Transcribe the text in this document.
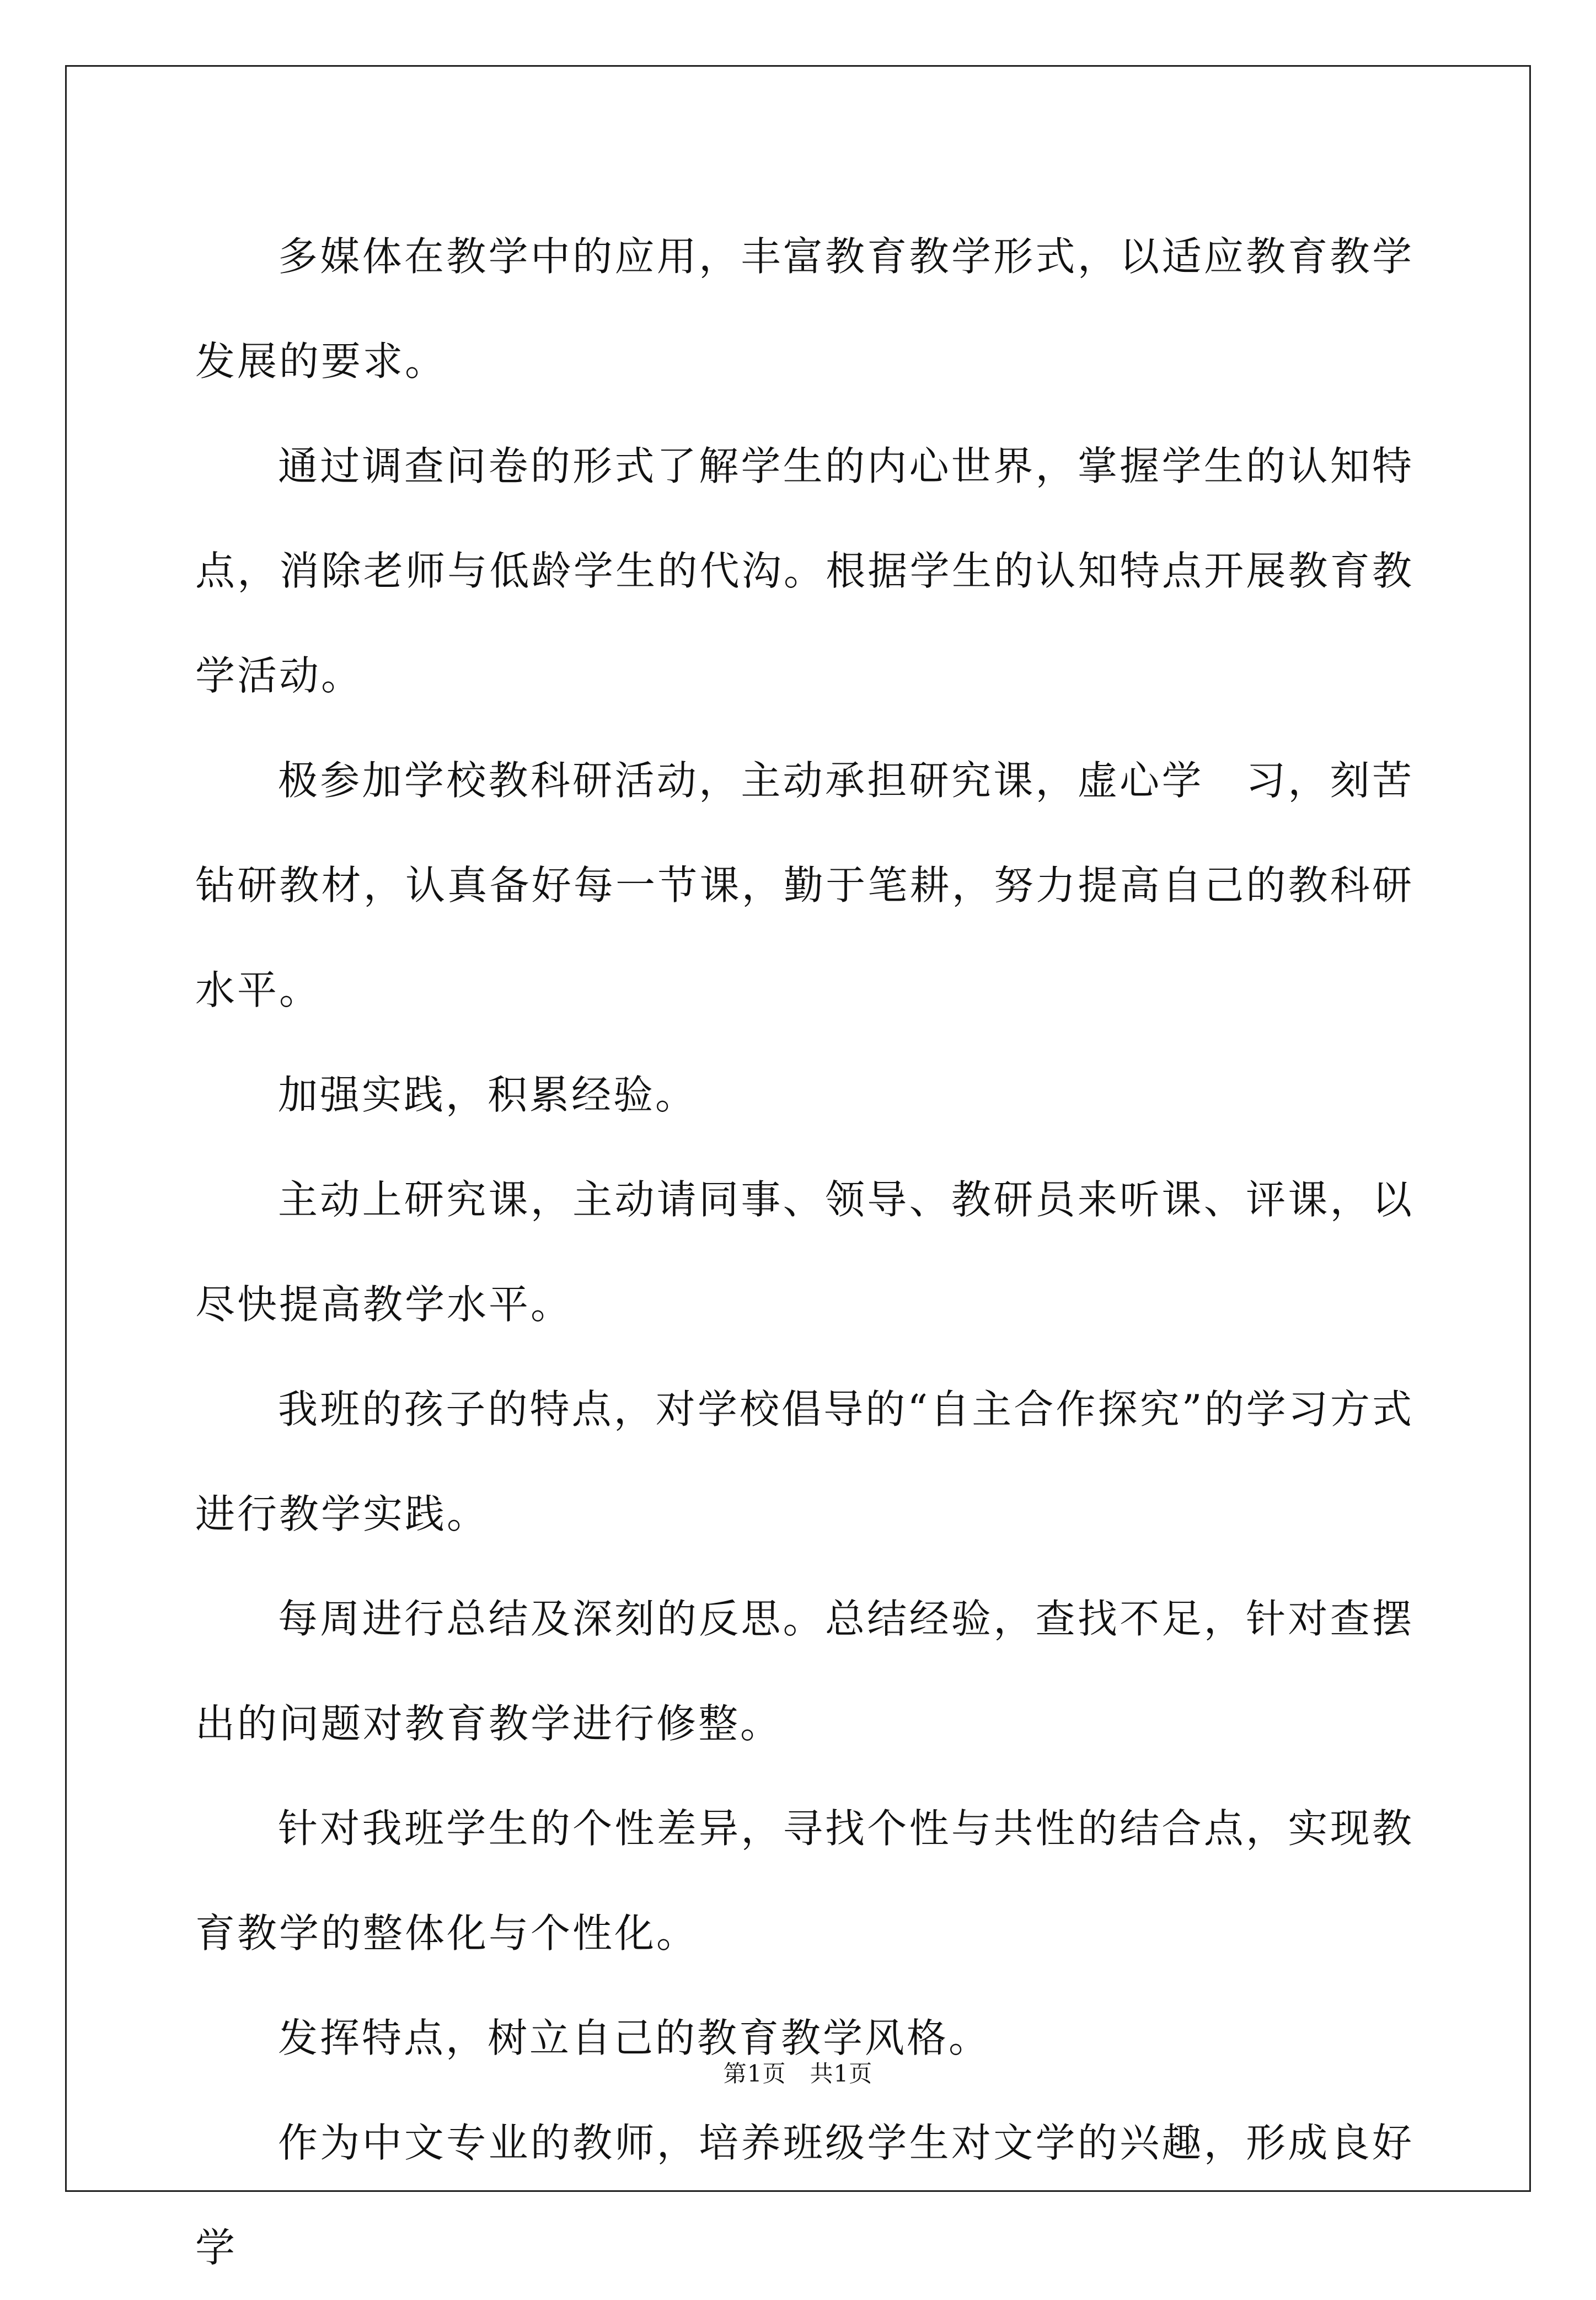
多媒体在教学中的应用，丰富教育教学形式，以适应教育教学发展的要求。

通过调查问卷的形式了解学生的内心世界，掌握学生的认知特点，消除老师与低龄学生的代沟。根据学生的认知特点开展教育教学活动。

极参加学校教科研活动，主动承担研究课，虚心学　习，刻苦钻研教材，认真备好每一节课，勤于笔耕，努力提高自己的教科研水平。

加强实践，积累经验。

主动上研究课，主动请同事、领导、教研员来听课、评课，以尽快提高教学水平。

我班的孩子的特点，对学校倡导的“自主合作探究”的学习方式进行教学实践。

每周进行总结及深刻的反思。总结经验，查找不足，针对查摆出的问题对教育教学进行修整。

针对我班学生的个性差异，寻找个性与共性的结合点，实现教育教学的整体化与个性化。

发挥特点，树立自己的教育教学风格。

作为中文专业的教师，培养班级学生对文学的兴趣，形成良好学

第1页　共1页
